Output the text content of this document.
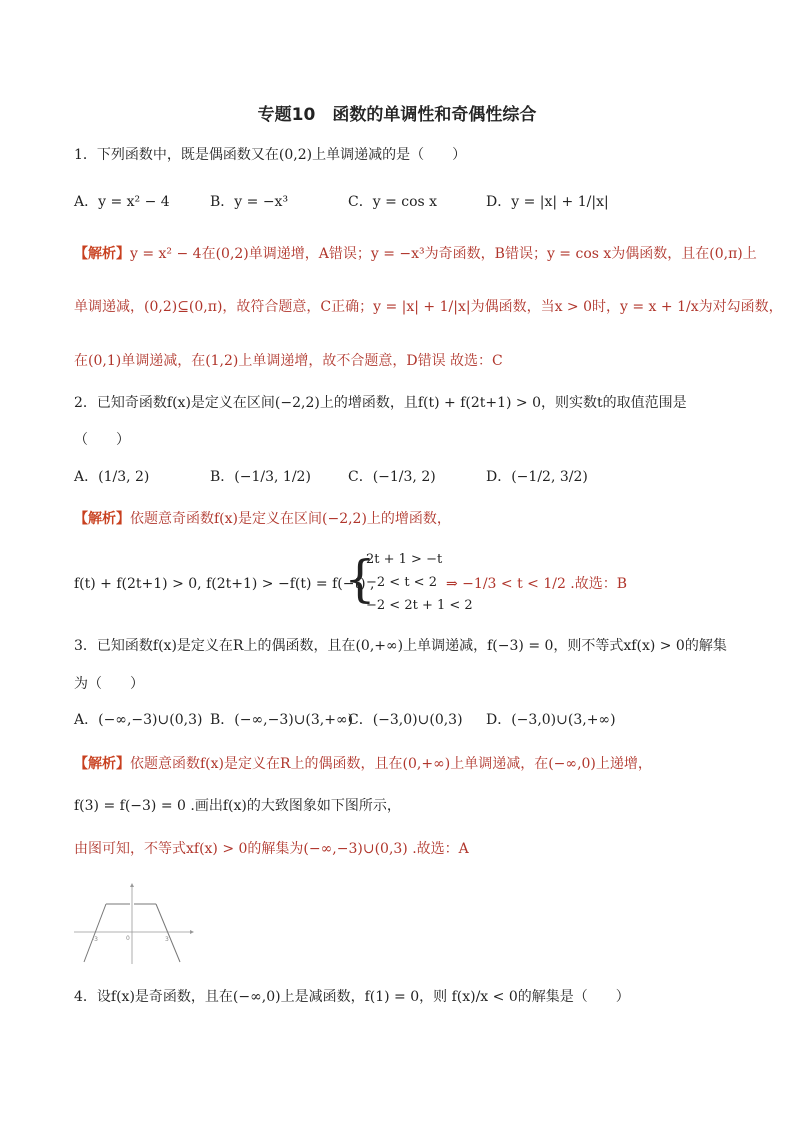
专题10　函数的单调性和奇偶性综合
1．下列函数中，既是偶函数又在(0,2)上单调递减的是（　　）
A．y = x² − 4	B．y = −x³	C．y = cos x	D．y = |x| + 1/|x|
【解析】y = x² − 4在(0,2)单调递增，A错误；y = −x³为奇函数，B错误；y = cos x为偶函数，且在(0,π)上
单调递减，(0,2)⊆(0,π)，故符合题意，C正确；y = |x| + 1/|x|为偶函数，当x > 0时，y = x + 1/x为对勾函数，
在(0,1)单调递减，在(1,2)上单调递增，故不合题意，D错误 故选：C
2．已知奇函数f(x)是定义在区间(−2,2)上的增函数，且f(t) + f(2t+1) > 0，则实数t的取值范围是
（　　）
A．(1/3, 2)	B．(−1/3, 1/2)	C．(−1/3, 2)	D．(−1/2, 3/2)
【解析】依题意奇函数f(x)是定义在区间(−2,2)上的增函数，
f(t) + f(2t+1) > 0, f(2t+1) > −f(t) = f(−t) ,
{
2t + 1 > −t
−2 < t < 2
−2 < 2t + 1 < 2
⇒ −1/3 < t < 1/2 .故选：B
3．已知函数f(x)是定义在R上的偶函数，且在(0,+∞)上单调递减，f(−3) = 0，则不等式xf(x) > 0的解集
为（　　）
A．(−∞,−3)∪(0,3) B．(−∞,−3)∪(3,+∞)
C．(−3,0)∪(0,3) D．(−3,0)∪(3,+∞)
【解析】依题意函数f(x)是定义在R上的偶函数，且在(0,+∞)上单调递减，在(−∞,0)上递增，
f(3) = f(−3) = 0 .画出f(x)的大致图象如下图所示，
由图可知，不等式xf(x) > 0的解集为(−∞,−3)∪(0,3) .故选：A
-3	0	3
4．设f(x)是奇函数，且在(−∞,0)上是减函数，f(1) = 0，则 f(x)/x < 0的解集是（　　）
